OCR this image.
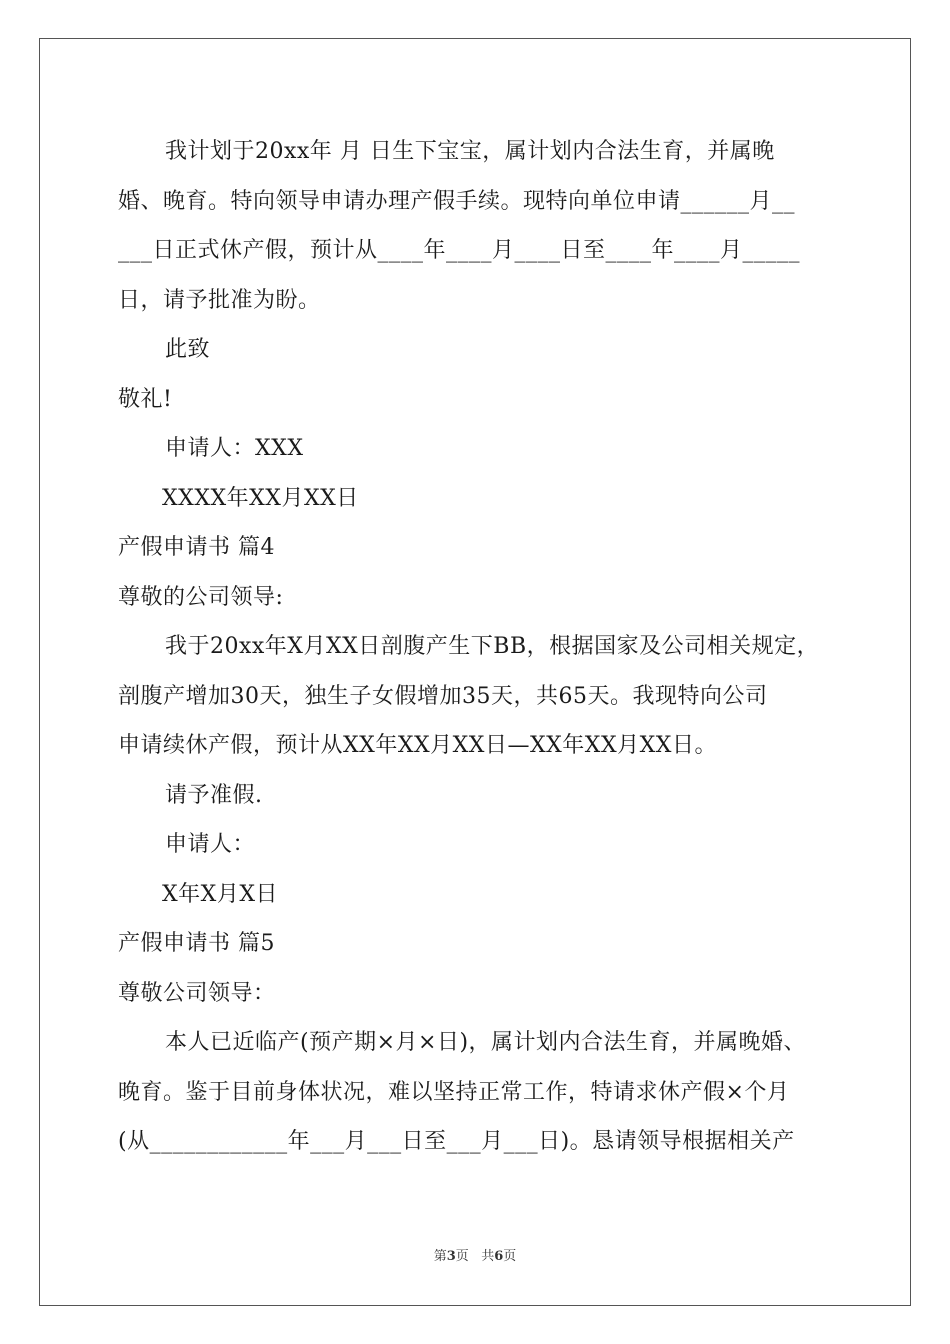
我计划于20xx年 月 日生下宝宝，属计划内合法生育，并属晚
婚、晚育。特向领导申请办理产假手续。现特向单位申请______月__
___日正式休产假，预计从____年____月____日至____年____月_____
日，请予批准为盼。
此致
敬礼!
申请人：XXX
XXXX年XX月XX日
产假申请书 篇4
尊敬的公司领导:
我于20xx年X月XX日剖腹产生下BB，根据国家及公司相关规定，
剖腹产增加30天，独生子女假增加35天，共65天。我现特向公司
申请续休产假，预计从XX年XX月XX日—XX年XX月XX日。
请予准假.
申请人：
X年X月X日
产假申请书 篇5
尊敬公司领导：
本人已近临产(预产期×月×日)，属计划内合法生育，并属晚婚、
晚育。鉴于目前身体状况，难以坚持正常工作，特请求休产假×个月
(从____________年___月___日至___月___日)。恳请领导根据相关产
第3页 共6页
